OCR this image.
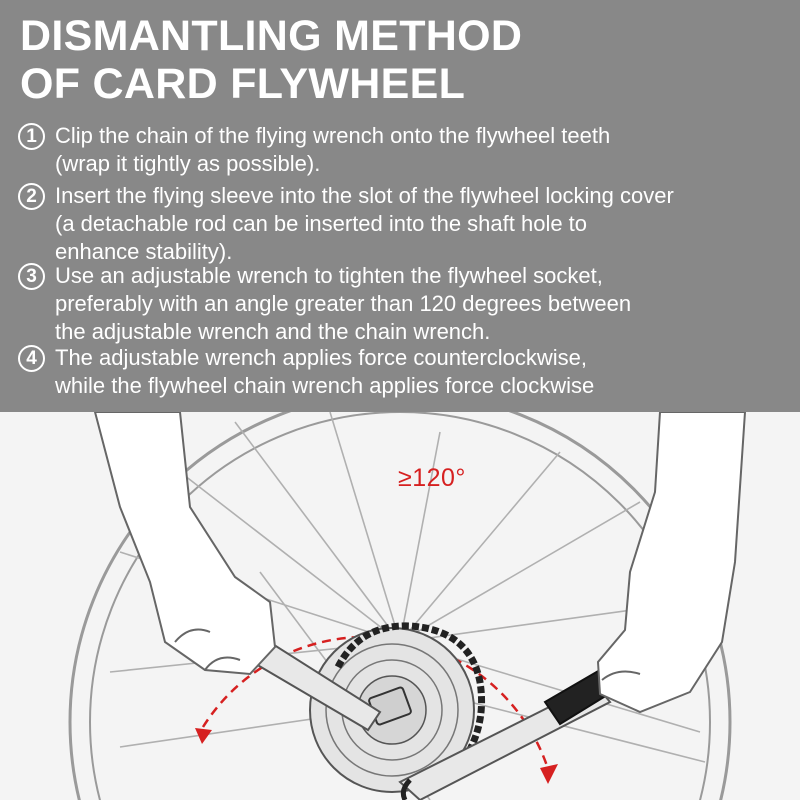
DISMANTLING METHOD
OF CARD FLYWHEEL
1 Clip the chain of the flying wrench onto the flywheel teeth
(wrap it tightly as possible).
2 Insert the flying sleeve into the slot of the flywheel locking cover
(a detachable rod can be inserted into the shaft hole to
enhance stability).
3 Use an adjustable wrench to tighten the flywheel socket,
preferably with an angle greater than 120 degrees between
the adjustable wrench and the chain wrench.
4 The adjustable wrench applies force counterclockwise,
while the flywheel chain wrench applies force clockwise
≥120°
